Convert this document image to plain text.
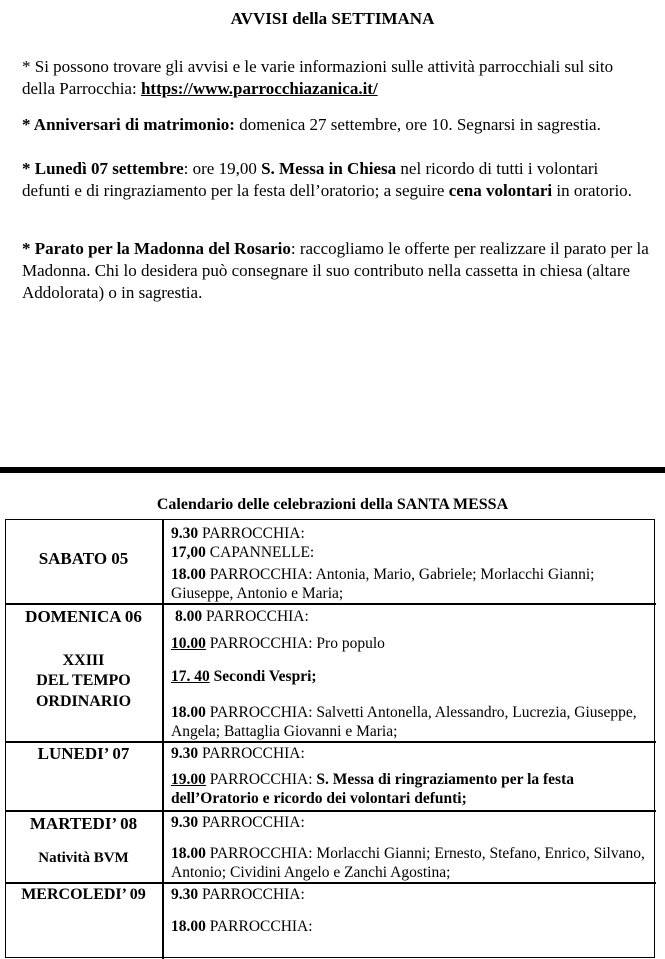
AVVISI della SETTIMANA
* Si possono trovare gli avvisi e le varie informazioni sulle attività parrocchiali sul sito della Parrocchia: https://www.parrocchiazanica.it/
* Anniversari di matrimonio: domenica 27 settembre, ore 10. Segnarsi in sagrestia.
* Lunedì 07 settembre: ore 19,00 S. Messa in Chiesa nel ricordo di tutti i volontari defunti e di ringraziamento per la festa dell’oratorio; a seguire cena volontari in oratorio.
* Parato per la Madonna del Rosario: raccogliamo le offerte per realizzare il parato per la Madonna. Chi lo desidera può consegnare il suo contributo nella cassetta in chiesa (altare Addolorata) o in sagrestia.
Calendario delle celebrazioni della SANTA MESSA
SABATO 05
9.30 PARROCCHIA:
17,00 CAPANNELLE:
18.00 PARROCCHIA: Antonia, Mario, Gabriele; Morlacchi Gianni; Giuseppe, Antonio e Maria;
DOMENICA 06
XXIII
DEL TEMPO
ORDINARIO
8.00 PARROCCHIA:
10.00 PARROCCHIA: Pro populo
17. 40 Secondi Vespri;
18.00 PARROCCHIA: Salvetti Antonella, Alessandro, Lucrezia, Giuseppe, Angela; Battaglia Giovanni e Maria;
LUNEDI’ 07	9.30 PARROCCHIA:
19.00 PARROCCHIA: S. Messa di ringraziamento per la festa dell’Oratorio e ricordo dei volontari defunti;
MARTEDI’ 08
Natività BVM
9.30 PARROCCHIA:
18.00 PARROCCHIA: Morlacchi Gianni; Ernesto, Stefano, Enrico, Silvano, Antonio; Cividini Angelo e Zanchi Agostina;
MERCOLEDI’ 09	9.30 PARROCCHIA:
18.00 PARROCCHIA:
